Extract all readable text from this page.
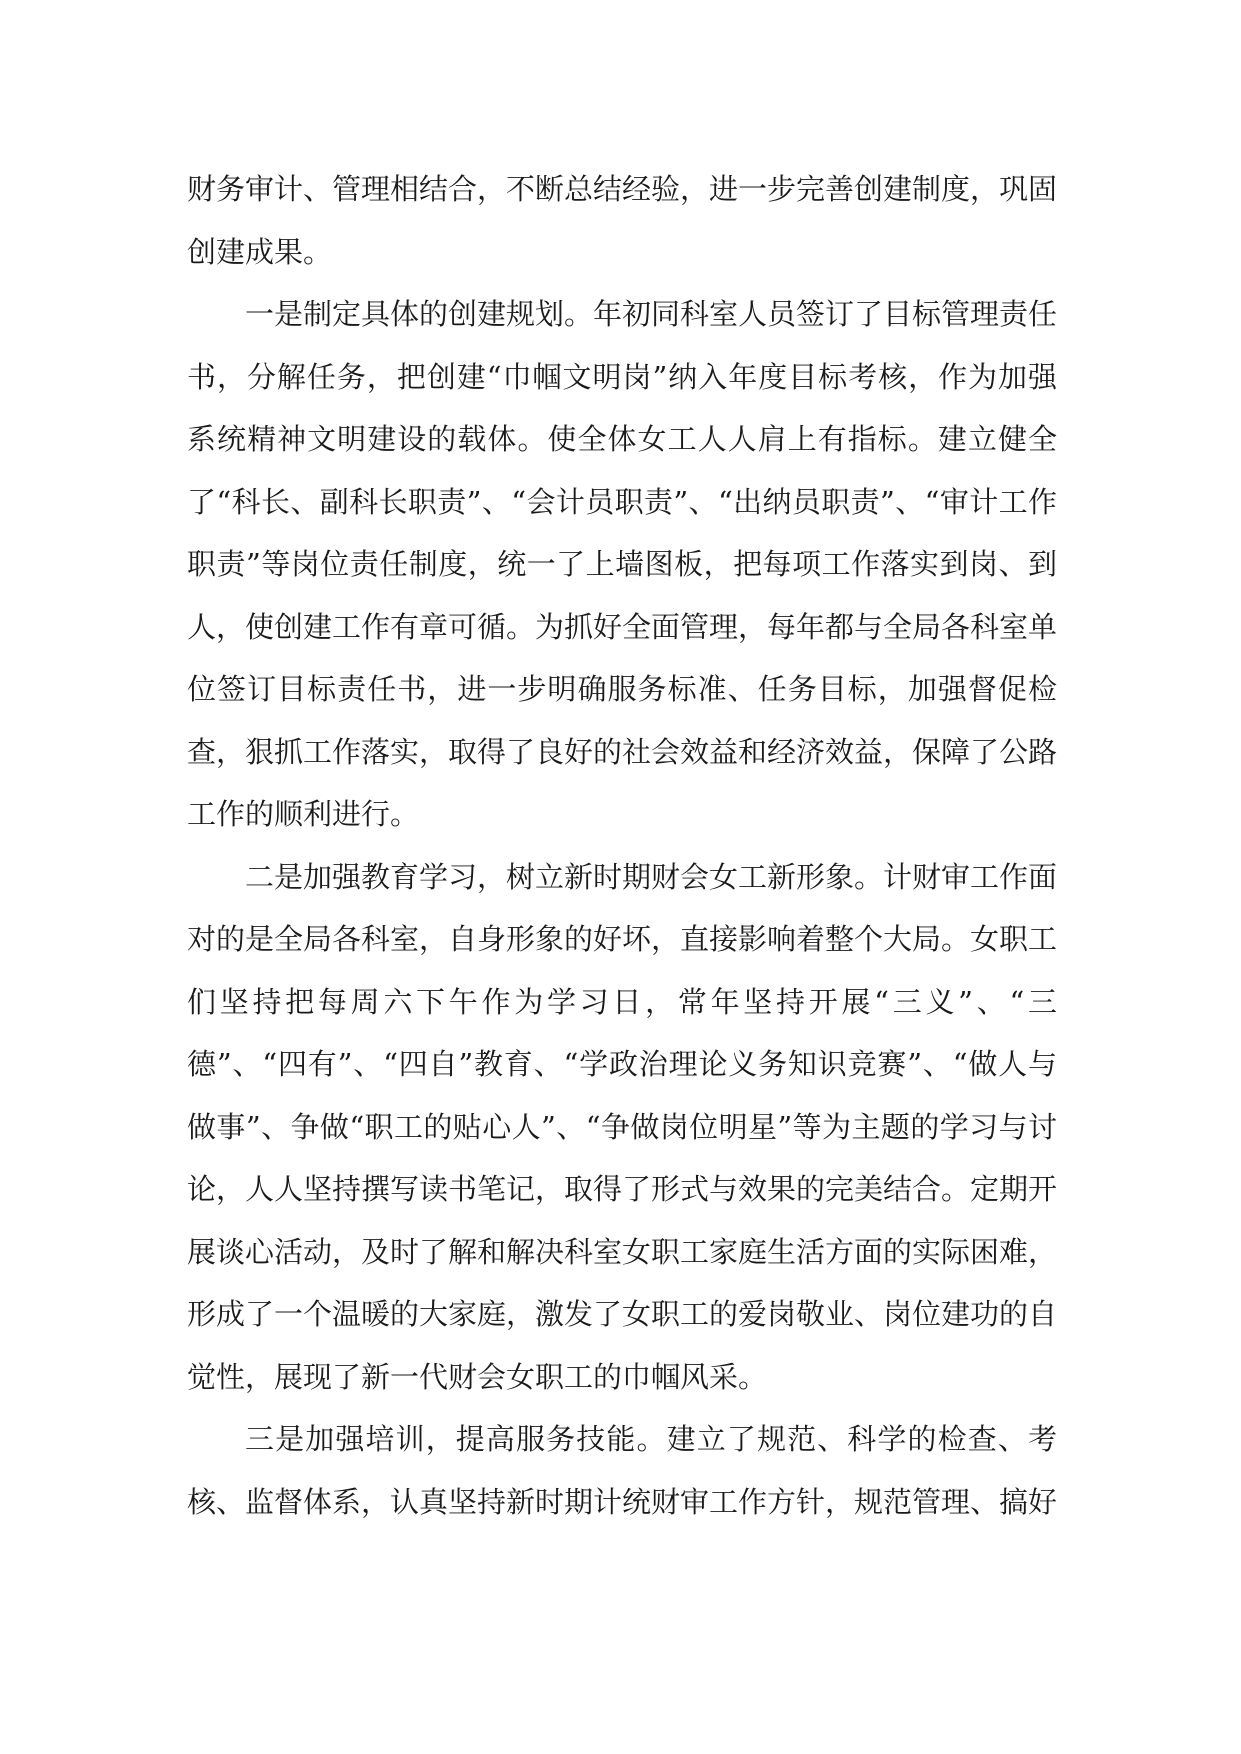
财务审计、管理相结合，不断总结经验，进一步完善创建制度，巩固创建成果。

一是制定具体的创建规划。年初同科室人员签订了目标管理责任书，分解任务，把创建“巾帼文明岗”纳入年度目标考核，作为加强系统精神文明建设的载体。使全体女工人人肩上有指标。建立健全了“科长、副科长职责”、“会计员职责”、“出纳员职责”、“审计工作职责”等岗位责任制度，统一了上墙图板，把每项工作落实到岗、到人，使创建工作有章可循。为抓好全面管理，每年都与全局各科室单位签订目标责任书，进一步明确服务标准、任务目标，加强督促检查，狠抓工作落实，取得了良好的社会效益和经济效益，保障了公路工作的顺利进行。

二是加强教育学习，树立新时期财会女工新形象。计财审工作面对的是全局各科室，自身形象的好坏，直接影响着整个大局。女职工们坚持把每周六下午作为学习日，常年坚持开展“三义”、“三德”、“四有”、“四自”教育、“学政治理论义务知识竞赛”、“做人与做事”、争做“职工的贴心人”、“争做岗位明星”等为主题的学习与讨论，人人坚持撰写读书笔记，取得了形式与效果的完美结合。定期开展谈心活动，及时了解和解决科室女职工家庭生活方面的实际困难，形成了一个温暖的大家庭，激发了女职工的爱岗敬业、岗位建功的自觉性，展现了新一代财会女职工的巾帼风采。

三是加强培训，提高服务技能。建立了规范、科学的检查、考核、监督体系，认真坚持新时期计统财审工作方针，规范管理、搞好
